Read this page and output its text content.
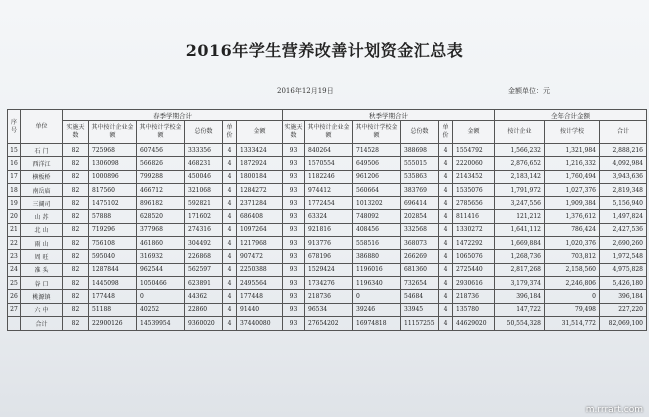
2016年学生营养改善计划资金汇总表
2016年12月19日	金额单位：元
序号	单位	春季学期合计						秋季学期合计						全年合计金额		
		实施天数	其中按计企业金额	其中按计学校金额	总份数	单价	金额	实施天数	其中按计企业金额	其中按计学校金额	总份数	单价	金额	按计企业	按计学校	合计
15	石 门	82	725968	607456	333356	4	1333424	93	840264	714528	388698	4	1554792	1,566,232	1,321,984	2,888,216
16	西洋江	82	1306098	566826	468231	4	1872924	93	1570554	649506	555015	4	2220060	2,876,652	1,216,332	4,092,984
17	横板桥	82	1000896	799288	450046	4	1800184	93	1182246	961206	535863	4	2143452	2,183,142	1,760,494	3,943,636
18	南岳庙	82	817560	466712	321068	4	1284272	93	974412	560664	383769	4	1535076	1,791,972	1,027,376	2,819,348
19	三阔司	82	1475102	896182	592821	4	2371284	93	1772454	1013202	696414	4	2785656	3,247,556	1,909,384	5,156,940
20	山 苏	82	57888	628520	171602	4	686408	93	63324	748092	202854	4	811416	121,212	1,376,612	1,497,824
21	北 山	82	719296	377968	274316	4	1097264	93	921816	408456	332568	4	1330272	1,641,112	786,424	2,427,536
22	雨 山	82	756108	461860	304492	4	1217968	93	913776	558516	368073	4	1472292	1,669,884	1,020,376	2,690,260
23	周 旺	82	595040	316932	226868	4	907472	93	678196	386880	266269	4	1065076	1,268,736	703,812	1,972,548
24	准 头	82	1287844	962544	562597	4	2250388	93	1529424	1196016	681360	4	2725440	2,817,268	2,158,560	4,975,828
25	谷 口	82	1445098	1050466	623891	4	2495564	93	1734276	1196340	732654	4	2930616	3,179,374	2,246,806	5,426,180
26	桃源镇	82	177448	0	44362	4	177448	93	218736	0	54684	4	218736	396,184	0	396,184
27	六 中	82	51188	40252	22860	4	91440	93	96534	39246	33945	4	135780	147,722	79,498	227,220
	合计	82	22900126	14539954	9360020	4	37440080	93	27654202	16974818	11157255	4	44629020	50,554,328	31,514,772	82,069,100
m.rrrart.com
